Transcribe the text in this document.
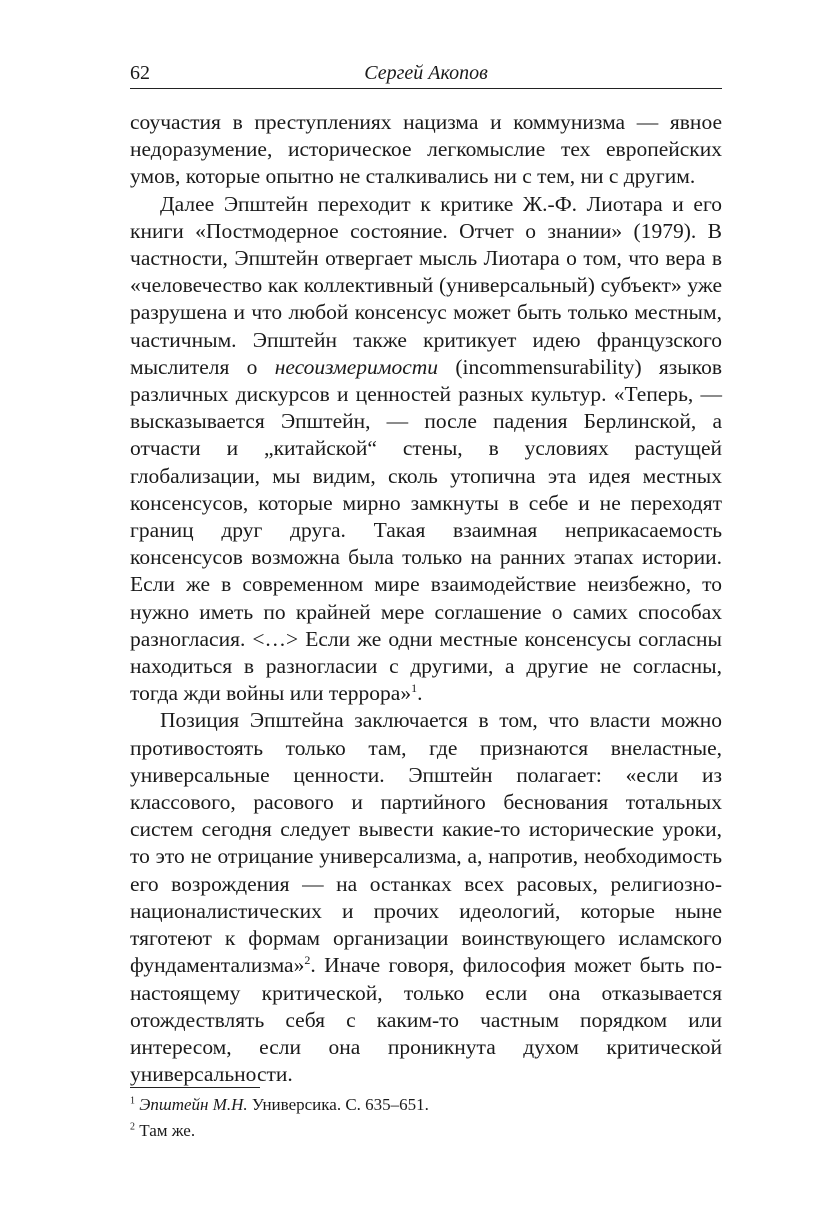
62	Сергей Акопов

соучастия в преступлениях нацизма и коммунизма — явное недоразумение, историческое легкомыслие тех европейских умов, которые опытно не сталкивались ни с тем, ни с другим.

Далее Эпштейн переходит к критике Ж.-Ф. Лиотара и его книги «Постмодерное состояние. Отчет о знании» (1979). В частности, Эпштейн отвергает мысль Лиотара о том, что вера в «человечество как коллективный (универсальный) субъект» уже разрушена и что любой консенсус может быть только местным, частичным. Эпштейн также критикует идею французского мыслителя о несоизмеримости (incommensurability) языков различных дискурсов и ценностей разных культур. «Теперь, — высказывается Эпштейн, — после падения Берлинской, а отчасти и „китайской“ стены, в условиях растущей глобализации, мы видим, сколь утопична эта идея местных консенсусов, которые мирно замкнуты в себе и не переходят границ друг друга. Такая взаимная неприкасаемость консенсусов возможна была только на ранних этапах истории. Если же в современном мире взаимодействие неизбежно, то нужно иметь по крайней мере соглашение о самих способах разногласия. <…> Если же одни местные консенсусы согласны находиться в разногласии с другими, а другие не согласны, тогда жди войны или террора»$^1$.

Позиция Эпштейна заключается в том, что власти можно противостоять только там, где признаются внеластные, универсальные ценности. Эпштейн полагает: «если из классового, расового и партийного беснования тотальных систем сегодня следует вывести какие-то исторические уроки, то это не отрицание универсализма, а, напротив, необходимость его возрождения — на останках всех расовых, религиозно-националистических и прочих идеологий, которые ныне тяготеют к формам организации воинствующего исламского фундаментализма»$^2$. Иначе говоря, философия может быть по-настоящему критической, только если она отказывается отождествлять себя с каким-то частным порядком или интересом, если она проникнута духом критической универсальности.

$^1$ Эпштейн М.Н. Универсика. С. 635–651.

$^2$ Там же.
